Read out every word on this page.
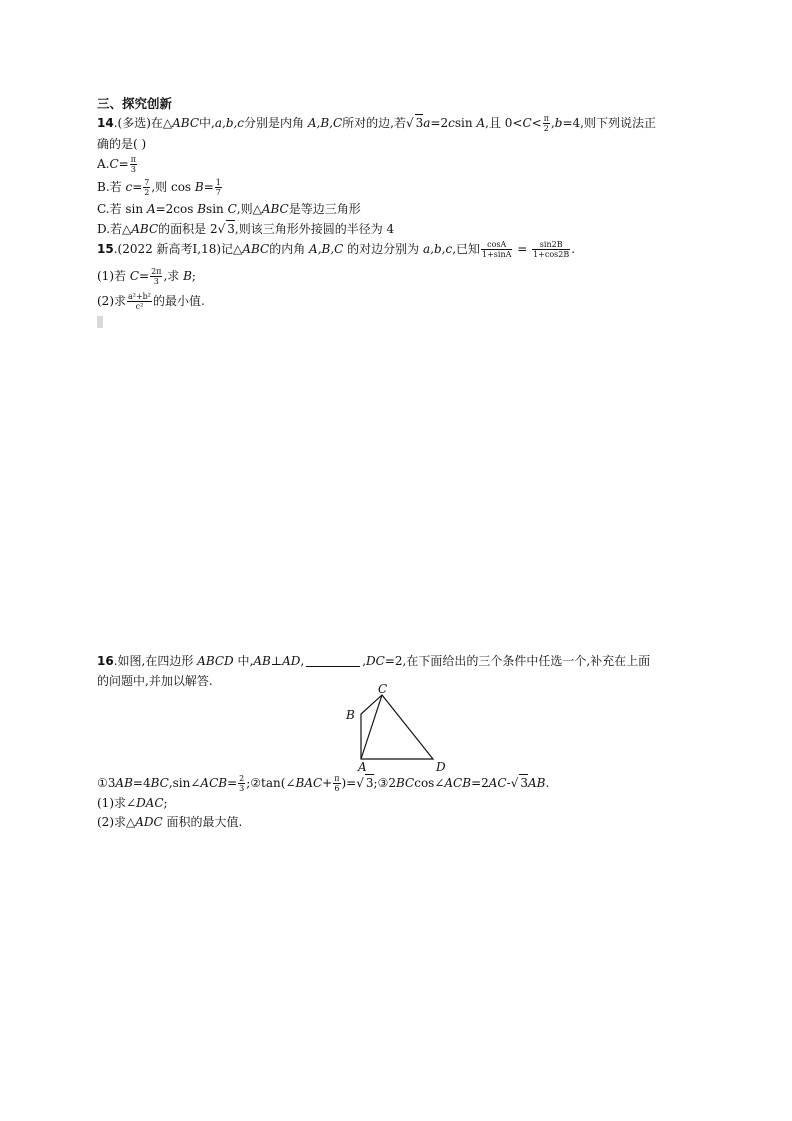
三、探究创新
14.(多选)在△ABC中,a,b,c分别是内角 A,B,C所对的边,若√ 3a=2csin A,且 $0<C< \frac{\pi}{2} ,b=4$,则下列说法正
确的是( )
$A.C= \frac{\pi}{3}$
B.若 $c= \frac{7}{2}$ ,则 $\cos B= \frac{1}{7}$
C.若 sin A=2cos Bsin C,则△ABC是等边三角形
D.若△ABC的面积是 2√ 3,则该三角形外接圆的半径为 4
15.(2022 新高考Ⅰ,18)记△ABC的内角 A,B,C 的对边分别为 a,b,c,已知 $\frac{\cos A}{1+\sin A} = \frac{\sin 2B}{1+\cos 2B}$ .
(1)若 $C= \frac{2\pi}{3}$ ,求 B;
(2)求 $\frac{\text{a²+b²}}{\text{c²}}$ 的最小值.
16.如图,在四边形 ABCD 中,AB⊥AD,	,DC=2,在下面给出的三个条件中任选一个,补充在上面
的问题中,并加以解答.
C
B
A	D
①3AB=4BC,sin∠ACB= $\frac{2}{3}$ ;②tan(∠BAC+ $\frac{\pi}{6}$ )=√ 3;③2BCcos∠ACB=2AC-√ 3AB.
(1)求∠DAC;
(2)求△ADC 面积的最大值.
